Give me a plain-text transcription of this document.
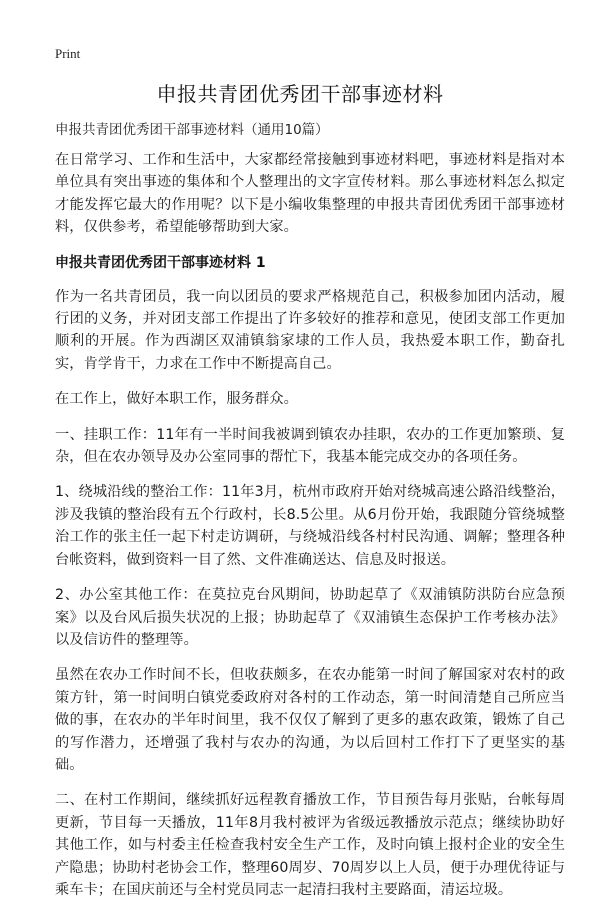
Print
申报共青团优秀团干部事迹材料

申报共青团优秀团干部事迹材料（通用10篇）

在日常学习、工作和生活中，大家都经常接触到事迹材料吧，事迹材料是指对本单位具有突出事迹的集体和个人整理出的文字宣传材料。那么事迹材料怎么拟定才能发挥它最大的作用呢？以下是小编收集整理的申报共青团优秀团干部事迹材料，仅供参考，希望能够帮助到大家。

申报共青团优秀团干部事迹材料 1

作为一名共青团员，我一向以团员的要求严格规范自己，积极参加团内活动，履行团的义务，并对团支部工作提出了许多较好的推荐和意见，使团支部工作更加顺利的开展。作为西湖区双浦镇翁家埭的工作人员，我热爱本职工作，勤奋扎实，肯学肯干，力求在工作中不断提高自己。

在工作上，做好本职工作，服务群众。

一、挂职工作：11年有一半时间我被调到镇农办挂职，农办的工作更加繁琐、复杂，但在农办领导及办公室同事的帮忙下，我基本能完成交办的各项任务。

1、绕城沿线的整治工作：11年3月，杭州市政府开始对绕城高速公路沿线整治，涉及我镇的整治段有五个行政村，长8.5公里。从6月份开始，我跟随分管绕城整治工作的张主任一起下村走访调研，与绕城沿线各村村民沟通、调解；整理各种台帐资料，做到资料一目了然、文件准确送达、信息及时报送。

2、办公室其他工作：在莫拉克台风期间，协助起草了《双浦镇防洪防台应急预案》以及台风后损失状况的上报；协助起草了《双浦镇生态保护工作考核办法》以及信访件的整理等。

虽然在农办工作时间不长，但收获颇多，在农办能第一时间了解国家对农村的政策方针，第一时间明白镇党委政府对各村的工作动态，第一时间清楚自己所应当做的事，在农办的半年时间里，我不仅仅了解到了更多的惠农政策，锻炼了自己的写作潜力，还增强了我村与农办的沟通，为以后回村工作打下了更坚实的基础。

二、在村工作期间，继续抓好远程教育播放工作，节目预告每月张贴，台帐每周更新，节目每一天播放，11年8月我村被评为省级远教播放示范点；继续协助好其他工作，如与村委主任检查我村安全生产工作，及时向镇上报村企业的安全生产隐患；协助村老协会工作，整理60周岁、70周岁以上人员，便于办理优待证与乘车卡；在国庆前还与全村党员同志一起清扫我村主要路面，清运垃圾。
